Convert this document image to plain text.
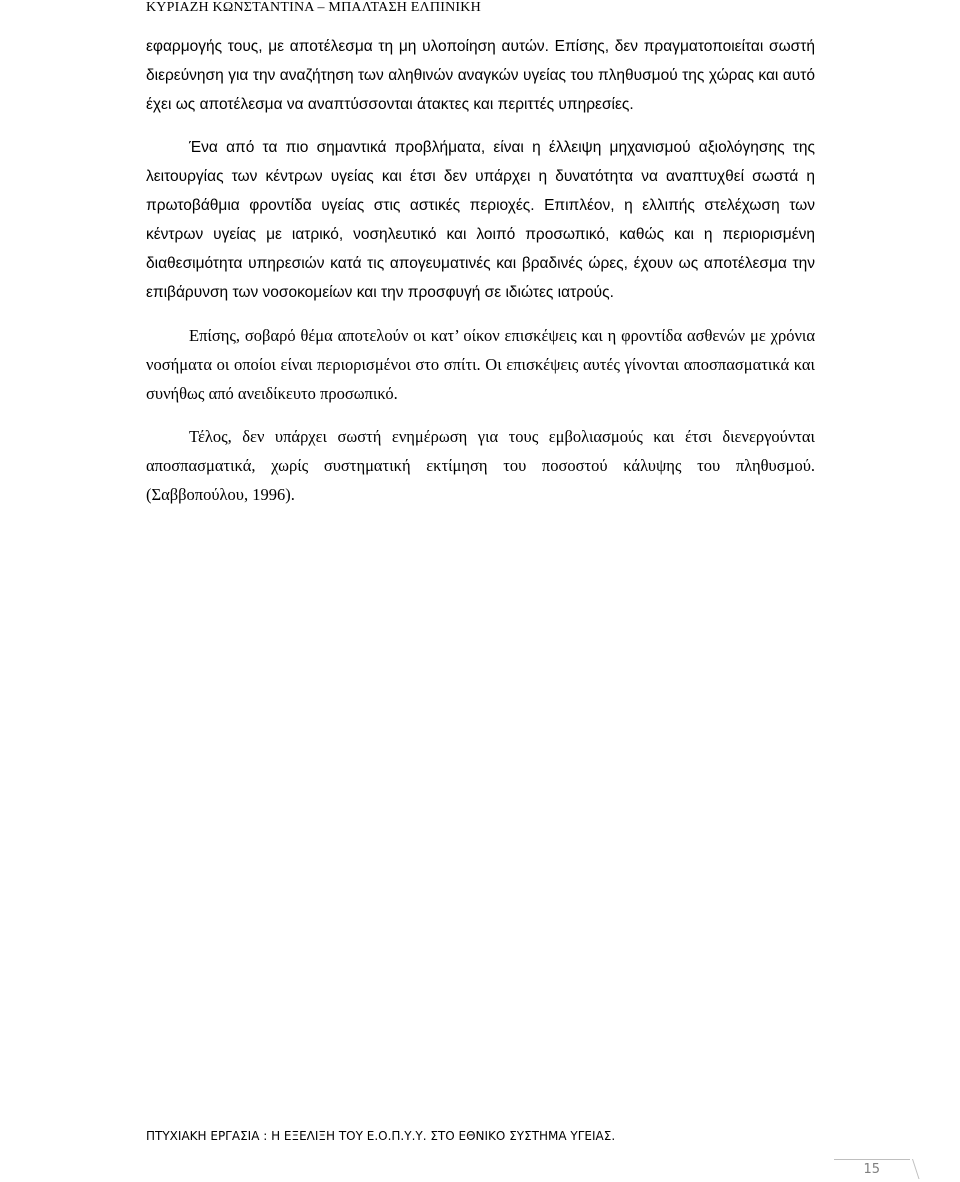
ΚΥΡΙΑΖΗ ΚΩΝΣΤΑΝΤΙΝΑ – ΜΠΑΛΤΑΣΗ ΕΛΠΙΝΙΚΗ

εφαρμογής τους, με αποτέλεσμα τη μη υλοποίηση αυτών. Επίσης, δεν πραγματοποιείται σωστή διερεύνηση για την αναζήτηση των αληθινών αναγκών υγείας του πληθυσμού της χώρας και αυτό έχει ως αποτέλεσμα να αναπτύσσονται άτακτες και περιττές υπηρεσίες.

Ένα από τα πιο σημαντικά προβλήματα, είναι η έλλειψη μηχανισμού αξιολόγησης της λειτουργίας των κέντρων υγείας και έτσι δεν υπάρχει η δυνατότητα να αναπτυχθεί σωστά η πρωτοβάθμια φροντίδα υγείας στις αστικές περιοχές. Επιπλέον, η ελλιπής στελέχωση των κέντρων υγείας με ιατρικό, νοσηλευτικό και λοιπό προσωπικό, καθώς και η περιορισμένη διαθεσιμότητα υπηρεσιών κατά τις απογευματινές και βραδινές ώρες, έχουν ως αποτέλεσμα την επιβάρυνση των νοσοκομείων και την προσφυγή σε ιδιώτες ιατρούς.

Επίσης, σοβαρό θέμα αποτελούν οι κατ’ οίκον επισκέψεις και η φροντίδα ασθενών με χρόνια νοσήματα οι οποίοι είναι περιορισμένοι στο σπίτι. Οι επισκέψεις αυτές γίνονται αποσπασματικά και συνήθως από ανειδίκευτο προσωπικό.

Τέλος, δεν υπάρχει σωστή ενημέρωση για τους εμβολιασμούς και έτσι διενεργούνται αποσπασματικά, χωρίς συστηματική εκτίμηση του ποσοστού κάλυψης του πληθυσμού. (Σαββοπούλου, 1996).

ΠΤΥΧΙΑΚΗ ΕΡΓΑΣΙΑ : Η ΕΞΕΛΙΞΗ ΤΟΥ Ε.Ο.Π.Υ.Υ. ΣΤΟ ΕΘΝΙΚΟ ΣΥΣΤΗΜΑ ΥΓΕΙΑΣ.
15
